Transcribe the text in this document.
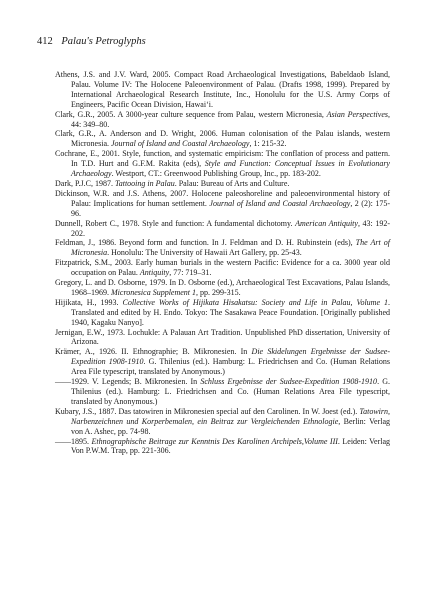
412 Palau's Petroglyphs

Athens, J.S. and J.V. Ward, 2005. Compact Road Archaeological Investigations, Babeldaob Island, Palau. Volume IV: The Holocene Paleoenvironment of Palau. (Drafts 1998, 1999). Prepared by International Archaeological Research Institute, Inc., Honolulu for the U.S. Army Corps of Engineers, Pacific Ocean Division, Hawai‘i.

Clark, G.R., 2005. A 3000-year culture sequence from Palau, western Micronesia, Asian Perspectives, 44: 349–80.

Clark, G.R., A. Anderson and D. Wright, 2006. Human colonisation of the Palau islands, western Micronesia. Journal of Island and Coastal Archaeology, 1: 215-32.

Cochrane, E., 2001. Style, function, and systematic empiricism: The conflation of process and pattern. In T.D. Hurt and G.F.M. Rakita (eds), Style and Function: Conceptual Issues in Evolutionary Archaeology. Westport, CT.: Greenwood Publishing Group, Inc., pp. 183-202.

Dark, P.J.C, 1987. Tattooing in Palau. Palau: Bureau of Arts and Culture.

Dickinson, W.R. and J.S. Athens, 2007. Holocene paleoshoreline and paleoenvironmental history of Palau: Implications for human settlement. Journal of Island and Coastal Archaeology, 2 (2): 175-96.

Dunnell, Robert C., 1978. Style and function: A fundamental dichotomy. American Antiquity, 43: 192-202.

Feldman, J., 1986. Beyond form and function. In J. Feldman and D. H. Rubinstein (eds), The Art of Micronesia. Honolulu: The University of Hawaii Art Gallery, pp. 25-43.

Fitzpatrick, S.M., 2003. Early human burials in the western Pacific: Evidence for a ca. 3000 year old occupation on Palau. Antiquity, 77: 719–31.

Gregory, L. and D. Osborne, 1979. In D. Osborne (ed.), Archaeological Test Excavations, Palau Islands, 1968–1969. Micronesica Supplement 1, pp. 299-315.

Hijikata, H., 1993. Collective Works of Hijikata Hisakatsu: Society and Life in Palau, Volume 1. Translated and edited by H. Endo. Tokyo: The Sasakawa Peace Foundation. [Originally published 1940, Kagaku Nanyo].

Jernigan, E.W., 1973. Lochukle: A Palauan Art Tradition. Unpublished PhD dissertation, University of Arizona.

Krämer, A., 1926. II. Ethnographie; B. Mikronesien. In Die Skidelungen Ergebnisse der Sudsee-Expedition 1908-1910. G. Thilenius (ed.). Hamburg: L. Friedrichsen and Co. (Human Relations Area File typescript, translated by Anonymous.)

——1929. V. Legends; B. Mikronesien. In Schluss Ergebnisse der Sudsee-Expedition 1908-1910. G. Thilenius (ed.). Hamburg: L. Friedrichsen and Co. (Human Relations Area File typescript, translated by Anonymous.)

Kubary, J.S., 1887. Das tatowiren in Mikronesien special auf den Carolinen. In W. Joest (ed.). Tatowirn, Narbenzeichnen und Korperbemalen, ein Beitraz zur Vergleichenden Ethnologie, Berlin: Verlag von A. Ashec, pp. 74-98.

——1895. Ethnographische Beitrage zur Kenntnis Des Karolinen Archipels,Volume III. Leiden: Verlag Von P.W.M. Trap, pp. 221-306.
